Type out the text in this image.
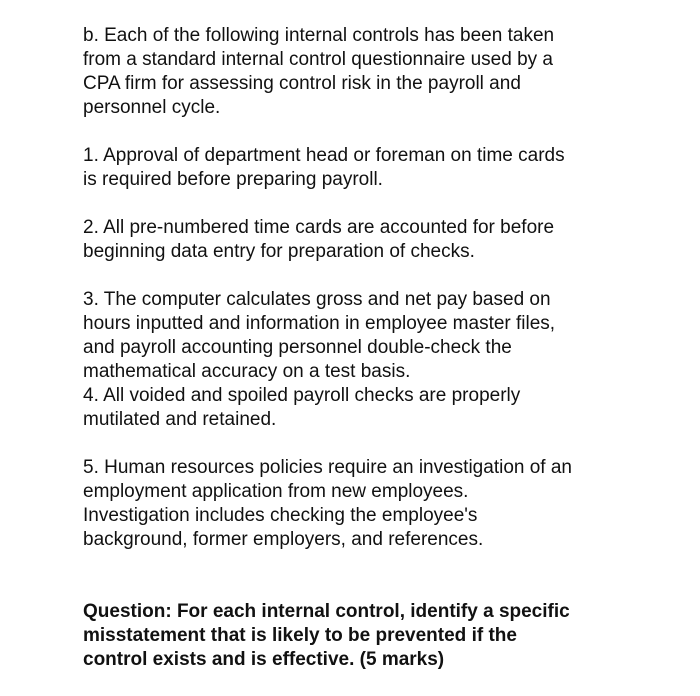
b. Each of the following internal controls has been taken
from a standard internal control questionnaire used by a
CPA firm for assessing control risk in the payroll and
personnel cycle.

1. Approval of department head or foreman on time cards
is required before preparing payroll.

2. All pre-numbered time cards are accounted for before
beginning data entry for preparation of checks.

3. The computer calculates gross and net pay based on
hours inputted and information in employee master files,
and payroll accounting personnel double-check the
mathematical accuracy on a test basis.

4. All voided and spoiled payroll checks are properly
mutilated and retained.

5. Human resources policies require an investigation of an
employment application from new employees.
Investigation includes checking the employee's
background, former employers, and references.

Question: For each internal control, identify a specific
misstatement that is likely to be prevented if the
control exists and is effective. (5 marks)
